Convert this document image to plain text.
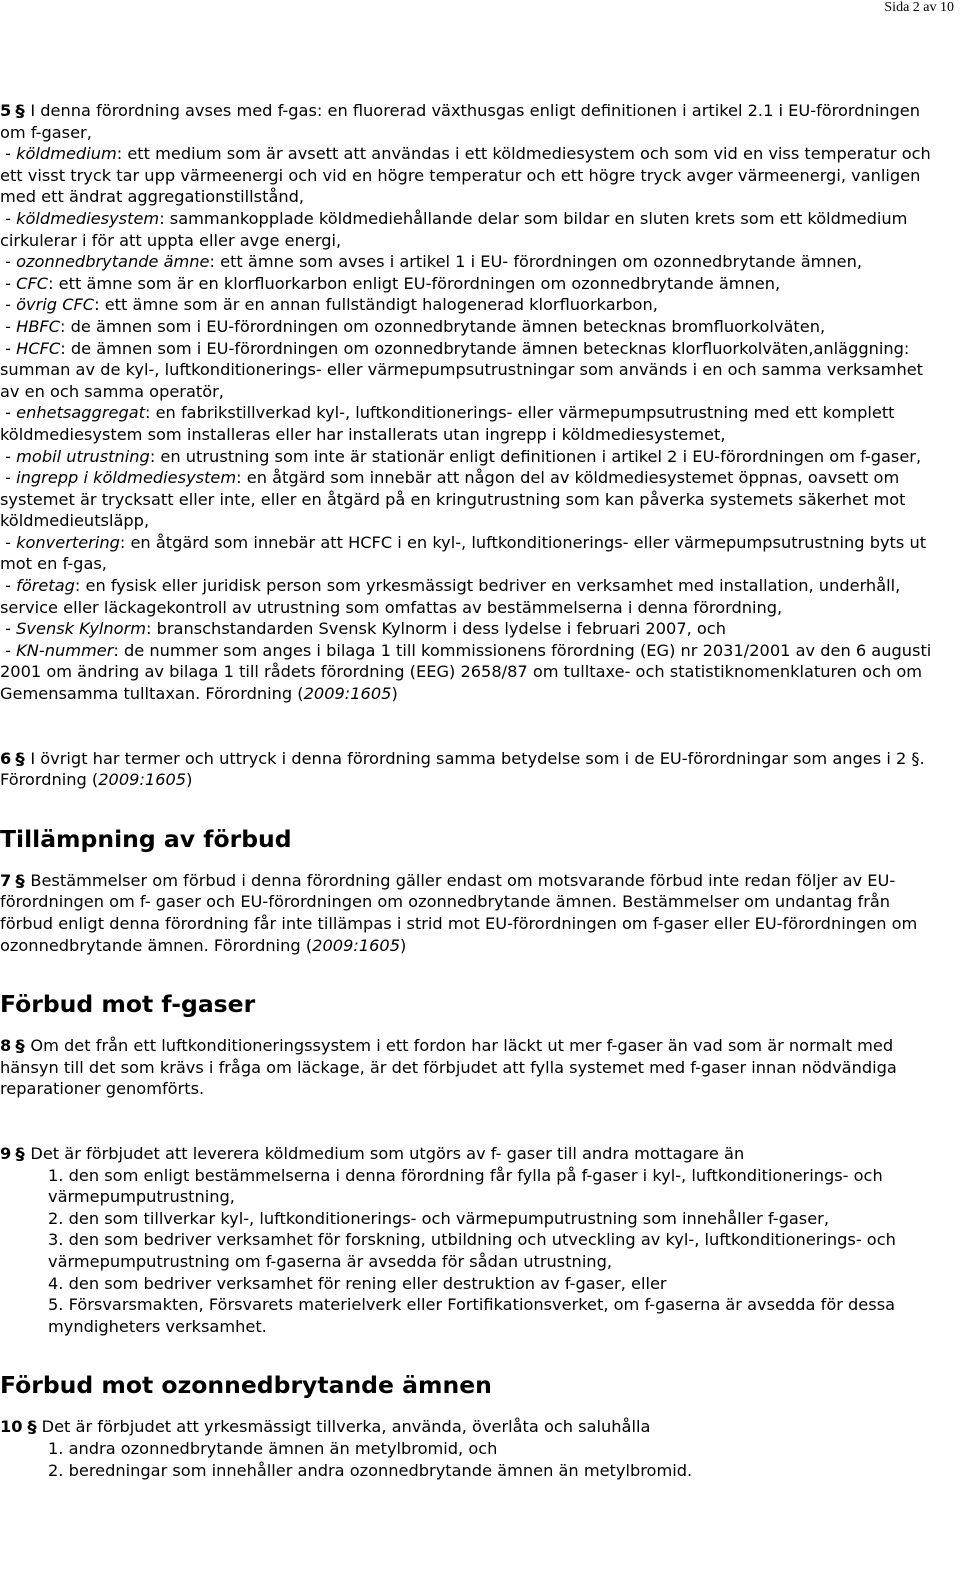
Sida 2 av 10
5 § I denna förordning avses med f-gas: en fluorerad växthusgas enligt definitionen i artikel 2.1 i EU-förordningen om f-gaser,
- köldmedium: ett medium som är avsett att användas i ett köldmediesystem och som vid en viss temperatur och ett visst tryck tar upp värmeenergi och vid en högre temperatur och ett högre tryck avger värmeenergi, vanligen med ett ändrat aggregationstillstånd,
- köldmediesystem: sammankopplade köldmediehållande delar som bildar en sluten krets som ett köldmedium cirkulerar i för att uppta eller avge energi,
- ozonnedbrytande ämne: ett ämne som avses i artikel 1 i EU- förordningen om ozonnedbrytande ämnen,
- CFC: ett ämne som är en klorfluorkarbon enligt EU-förordningen om ozonnedbrytande ämnen,
- övrig CFC: ett ämne som är en annan fullständigt halogenerad klorfluorkarbon,
- HBFC: de ämnen som i EU-förordningen om ozonnedbrytande ämnen betecknas bromfluorkolväten,
- HCFC: de ämnen som i EU-förordningen om ozonnedbrytande ämnen betecknas klorfluorkolväten,anläggning: summan av de kyl-, luftkonditionerings- eller värmepumpsutrustningar som används i en och samma verksamhet av en och samma operatör,
- enhetsaggregat: en fabrikstillverkad kyl-, luftkonditionerings- eller värmepumpsutrustning med ett komplett köldmediesystem som installeras eller har installerats utan ingrepp i köldmediesystemet,
- mobil utrustning: en utrustning som inte är stationär enligt definitionen i artikel 2 i EU-förordningen om f-gaser,
- ingrepp i köldmediesystem: en åtgärd som innebär att någon del av köldmediesystemet öppnas, oavsett om systemet är trycksatt eller inte, eller en åtgärd på en kringutrustning som kan påverka systemets säkerhet mot köldmedieutsläpp,
- konvertering: en åtgärd som innebär att HCFC i en kyl-, luftkonditionerings- eller värmepumpsutrustning byts ut mot en f-gas,
- företag: en fysisk eller juridisk person som yrkesmässigt bedriver en verksamhet med installation, underhåll, service eller läckagekontroll av utrustning som omfattas av bestämmelserna i denna förordning,
- Svensk Kylnorm: branschstandarden Svensk Kylnorm i dess lydelse i februari 2007, och
- KN-nummer: de nummer som anges i bilaga 1 till kommissionens förordning (EG) nr 2031/2001 av den 6 augusti 2001 om ändring av bilaga 1 till rådets förordning (EEG) 2658/87 om tulltaxe- och statistiknomenklaturen och om Gemensamma tulltaxan. Förordning (2009:1605)
6 § I övrigt har termer och uttryck i denna förordning samma betydelse som i de EU-förordningar som anges i 2 §. Förordning (2009:1605)
Tillämpning av förbud
7 § Bestämmelser om förbud i denna förordning gäller endast om motsvarande förbud inte redan följer av EU-förordningen om f- gaser och EU-förordningen om ozonnedbrytande ämnen. Bestämmelser om undantag från förbud enligt denna förordning får inte tillämpas i strid mot EU-förordningen om f-gaser eller EU-förordningen om ozonnedbrytande ämnen. Förordning (2009:1605)
Förbud mot f-gaser
8 § Om det från ett luftkonditioneringssystem i ett fordon har läckt ut mer f-gaser än vad som är normalt med hänsyn till det som krävs i fråga om läckage, är det förbjudet att fylla systemet med f-gaser innan nödvändiga reparationer genomförts.
9 § Det är förbjudet att leverera köldmedium som utgörs av f- gaser till andra mottagare än
1. den som enligt bestämmelserna i denna förordning får fylla på f-gaser i kyl-, luftkonditionerings- och värmepumputrustning,
2. den som tillverkar kyl-, luftkonditionerings- och värmepumputrustning som innehåller f-gaser,
3. den som bedriver verksamhet för forskning, utbildning och utveckling av kyl-, luftkonditionerings- och värmepumputrustning om f-gaserna är avsedda för sådan utrustning,
4. den som bedriver verksamhet för rening eller destruktion av f-gaser, eller
5. Försvarsmakten, Försvarets materielverk eller Fortifikationsverket, om f-gaserna är avsedda för dessa myndigheters verksamhet.
Förbud mot ozonnedbrytande ämnen
10 § Det är förbjudet att yrkesmässigt tillverka, använda, överlåta och saluhålla
1. andra ozonnedbrytande ämnen än metylbromid, och
2. beredningar som innehåller andra ozonnedbrytande ämnen än metylbromid.
